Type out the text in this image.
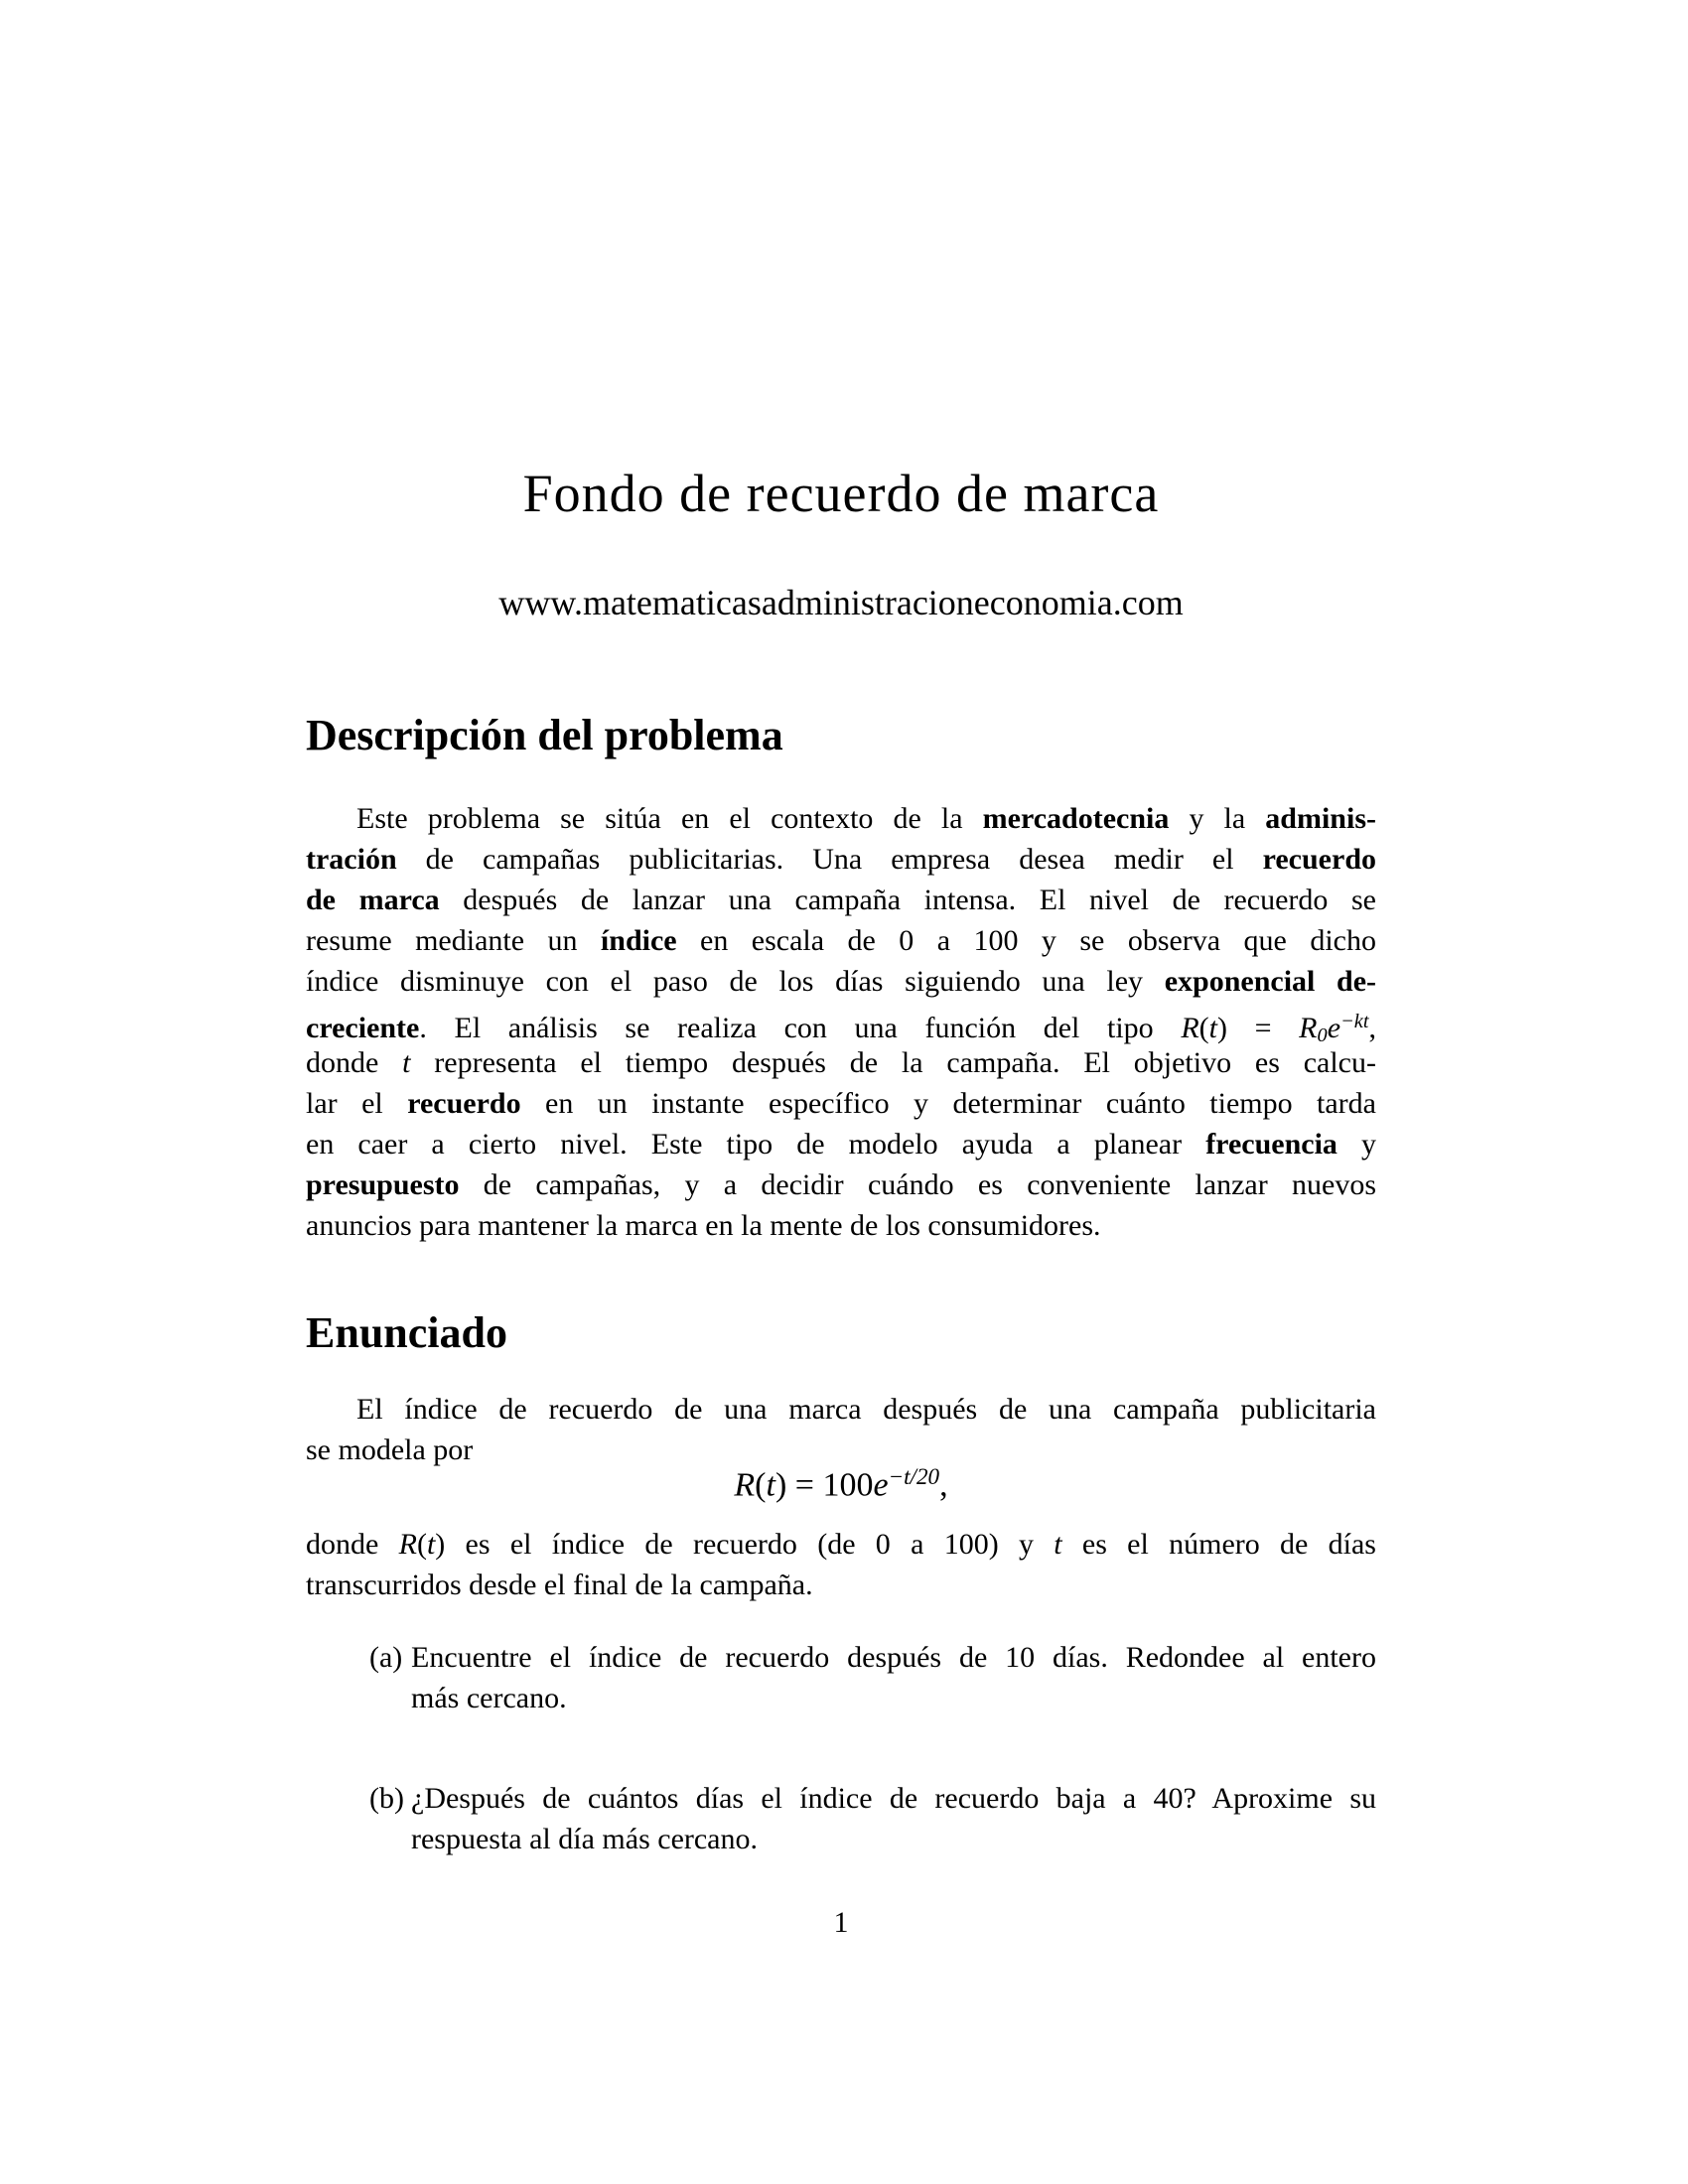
Fondo de recuerdo de marca
www.matematicasadministracioneconomia.com
Descripción del problema
Este problema se sitúa en el contexto de la mercadotecnia y la adminis-
tración de campañas publicitarias. Una empresa desea medir el recuerdo
de marca después de lanzar una campaña intensa. El nivel de recuerdo se
resume mediante un índice en escala de 0 a 100 y se observa que dicho
índice disminuye con el paso de los días siguiendo una ley exponencial de-
creciente. El análisis se realiza con una función del tipo $R(t) = R0e^{-kt}$,
donde t representa el tiempo después de la campaña. El objetivo es calcu-
lar el recuerdo en un instante específico y determinar cuánto tiempo tarda
en caer a cierto nivel. Este tipo de modelo ayuda a planear frecuencia y
presupuesto de campañas, y a decidir cuándo es conveniente lanzar nuevos
anuncios para mantener la marca en la mente de los consumidores.
Enunciado
El índice de recuerdo de una marca después de una campaña publicitaria
se modela por
$R(t) = 100e^{-t/20}$,
donde R(t) es el índice de recuerdo (de 0 a 100) y t es el número de días
transcurridos desde el final de la campaña.
(a) Encuentre el índice de recuerdo después de 10 días. Redondee al entero
más cercano.
(b) ¿Después de cuántos días el índice de recuerdo baja a 40? Aproxime su
respuesta al día más cercano.
1
